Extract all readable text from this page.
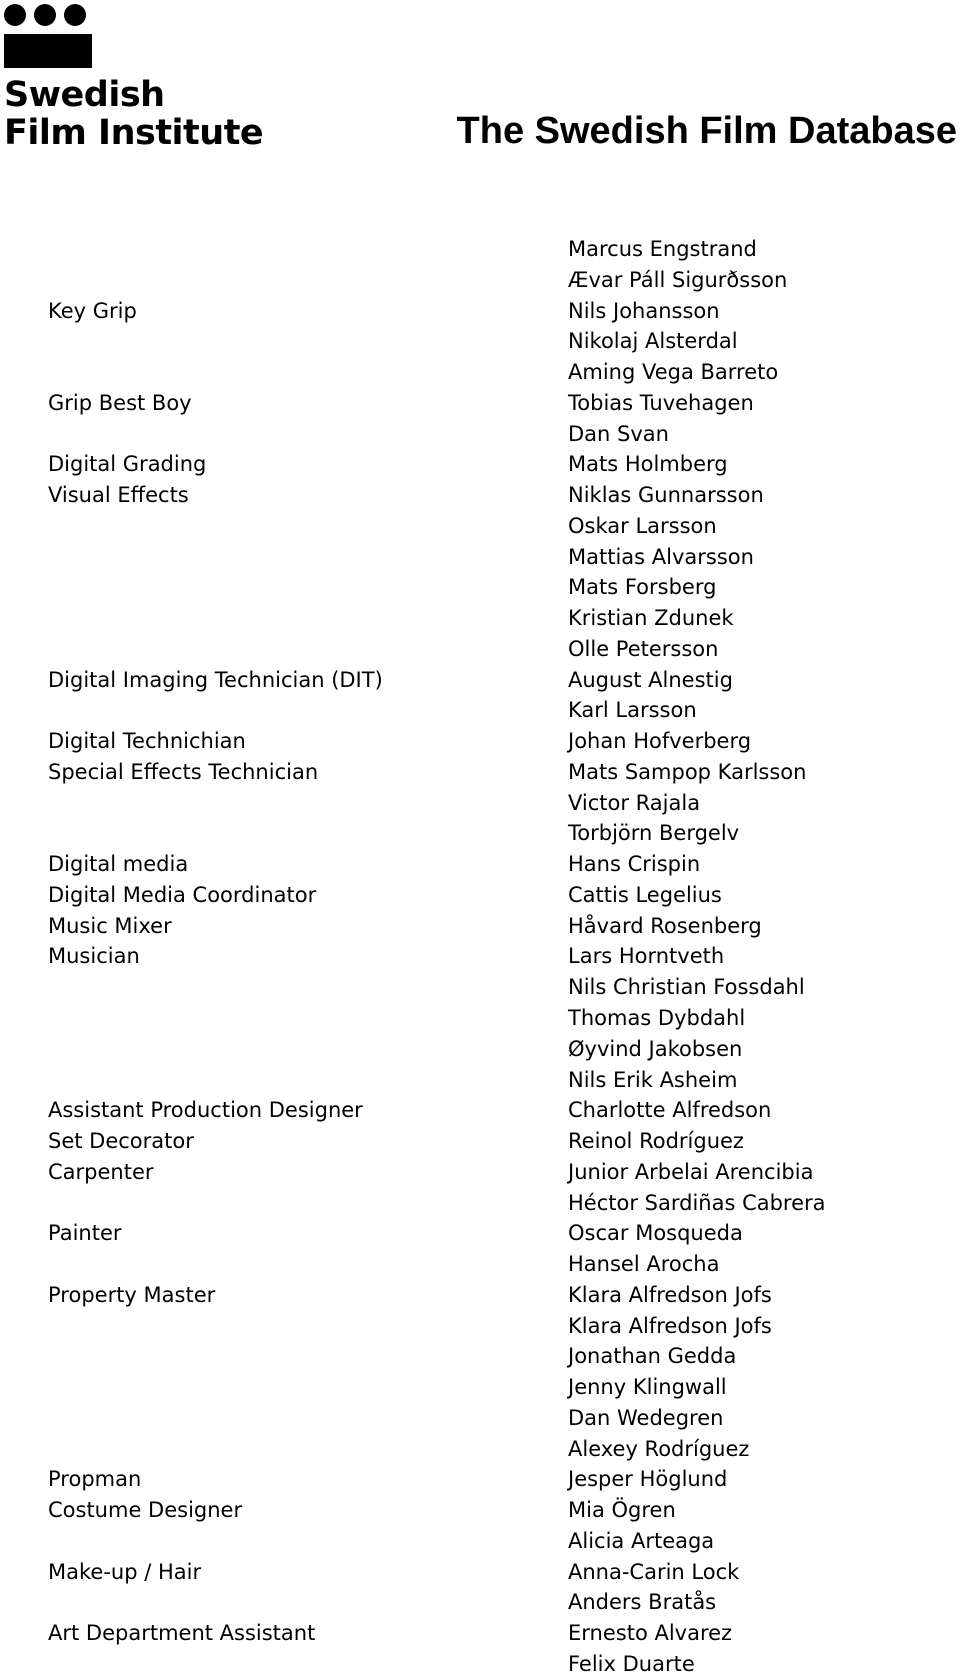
Swedish
Film Institute	The Swedish Film Database
Marcus Engstrand
Ævar Páll Sigurðsson
Key Grip	Nils Johansson
Nikolaj Alsterdal
Aming Vega Barreto
Grip Best Boy	Tobias Tuvehagen
Dan Svan
Digital Grading	Mats Holmberg
Visual Effects	Niklas Gunnarsson
Oskar Larsson
Mattias Alvarsson
Mats Forsberg
Kristian Zdunek
Olle Petersson
Digital Imaging Technician (DIT)	August Alnestig
Karl Larsson
Digital Technichian	Johan Hofverberg
Special Effects Technician	Mats Sampop Karlsson
Victor Rajala
Torbjörn Bergelv
Digital media	Hans Crispin
Digital Media Coordinator	Cattis Legelius
Music Mixer	Håvard Rosenberg
Musician	Lars Horntveth
Nils Christian Fossdahl
Thomas Dybdahl
Øyvind Jakobsen
Nils Erik Asheim
Assistant Production Designer	Charlotte Alfredson
Set Decorator	Reinol Rodríguez
Carpenter	Junior Arbelai Arencibia
Héctor Sardiñas Cabrera
Painter	Oscar Mosqueda
Hansel Arocha
Property Master	Klara Alfredson Jofs
Klara Alfredson Jofs
Jonathan Gedda
Jenny Klingwall
Dan Wedegren
Alexey Rodríguez
Propman	Jesper Höglund
Costume Designer	Mia Ögren
Alicia Arteaga
Make-up / Hair	Anna-Carin Lock
Anders Bratås
Art Department Assistant	Ernesto Alvarez
Felix Duarte
